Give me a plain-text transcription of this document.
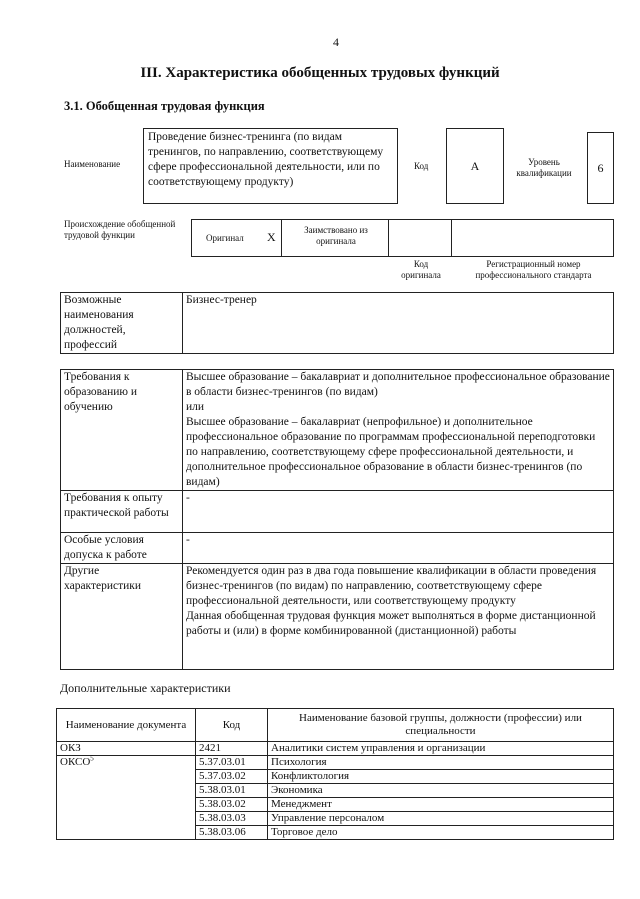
4
III. Характеристика обобщенных трудовых функций
3.1. Обобщенная трудовая функция
Наименование
Проведение бизнес-тренинга (по видам тренингов, по направлению, соответствующему сфере профессиональной деятельности, или по соответствующему продукту)
Код	А	Уровень квалификации	6
Происхождение обобщенной трудовой функции	Оригинал X	Заимствовано из оригинала
Код оригинала
Регистрационный номер профессионального стандарта
Возможные наименования должностей, профессий	Бизнес-тренер
Требования к образованию и обучению	Высшее образование – бакалавриат и дополнительное профессиональное образование в области бизнес-тренингов (по видам)
или
Высшее образование – бакалавриат (непрофильное) и дополнительное профессиональное образование по программам профессиональной переподготовки по направлению, соответствующему сфере профессиональной деятельности, и дополнительное профессиональное образование в области бизнес-тренингов (по видам)

Требования к опыту практической работы	-
Особые условия допуска к работе	-
Другие характеристики	Рекомендуется один раз в два года повышение квалификации в области проведения бизнес-тренингов (по видам) по направлению, соответствующему сфере профессиональной деятельности, или соответствующему продукту
Данная обобщенная трудовая функция может выполняться в форме дистанционной работы и (или) в форме комбинированной (дистанционной) работы
Дополнительные характеристики
Наименование документа	Код	Наименование базовой группы, должности (профессии) или специальности
ОКЗ	2421	Аналитики систем управления и организации
ОКСО$^5$	5.37.03.01	Психология
	5.37.03.02	Конфликтология
	5.38.03.01	Экономика
	5.38.03.02	Менеджмент
	5.38.03.03	Управление персоналом
	5.38.03.06	Торговое дело
